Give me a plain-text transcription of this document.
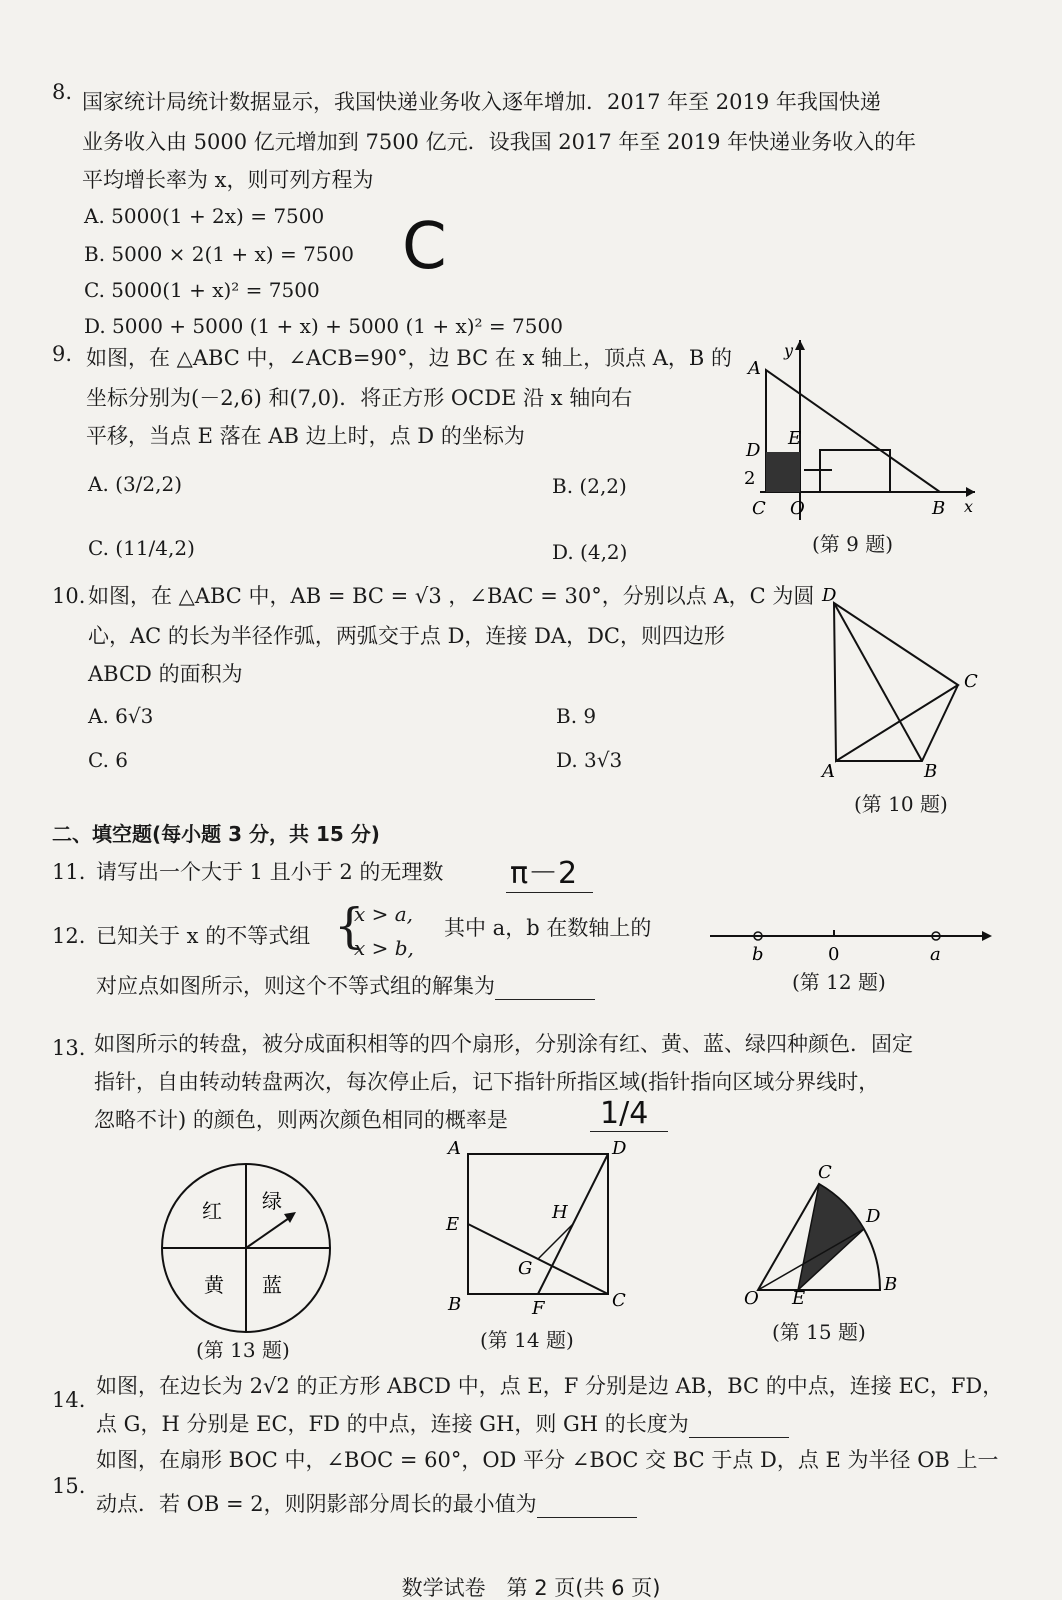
8. 国家统计局统计数据显示，我国快递业务收入逐年增加．2017 年至 2019 年我国快递
业务收入由 5000 亿元增加到 7500 亿元．设我国 2017 年至 2019 年快递业务收入的年
平均增长率为 x，则可列方程为
A. 5000(1 + 2x) = 7500
B. 5000 × 2(1 + x) = 7500
C. 5000(1 + x)² = 7500
D. 5000 + 5000 (1 + x) + 5000 (1 + x)² = 7500
C
9. 如图，在 △ABC 中，∠ACB=90°，边 BC 在 x 轴上，顶点 A，B 的
坐标分别为(－2,6) 和(7,0)．将正方形 OCDE 沿 x 轴向右
平移，当点 E 落在 AB 边上时，点 D 的坐标为
A. (3/2,2)	B. (2,2)
C. (11/4,2)	D. (4,2)
A
B
C
D
E
O	x
y
2
(第 9 题)
10. 如图，在 △ABC 中，AB = BC = √3 ，∠BAC = 30°，分别以点 A，C 为圆
心，AC 的长为半径作弧，两弧交于点 D，连接 DA，DC，则四边形
ABCD 的面积为
A. 6√3	B. 9
C. 6	D. 3√3
D
C
A	B
(第 10 题)
二、填空题(每小题 3 分，共 15 分)
11. 请写出一个大于 1 且小于 2 的无理数 π－2
12. 已知关于 x 的不等式组 {
x > a,
x > b,
其中 a，b 在数轴上的
对应点如图所示，则这个不等式组的解集为
b	0	a
(第 12 题)
13. 如图所示的转盘，被分成面积相等的四个扇形，分别涂有红、黄、蓝、绿四种颜色．固定
指针，自由转动转盘两次，每次停止后，记下指针所指区域(指针指向区域分界线时，
忽略不计) 的颜色，则两次颜色相同的概率是	1/4
红 绿
黄 蓝
(第 13 题)
A	D
E
B	F	C
G
H
(第 14 题)
O E
B
C
D
(第 15 题)
14.
如图，在边长为 2√2 的正方形 ABCD 中，点 E，F 分别是边 AB，BC 的中点，连接 EC，FD，
点 G，H 分别是 EC，FD 的中点，连接 GH，则 GH 的长度为
15.
如图，在扇形 BOC 中，∠BOC = 60°，OD 平分 ∠BOC 交 BC 于点 D，点 E 为半径 OB 上一
动点．若 OB = 2，则阴影部分周长的最小值为
数学试卷　第 2 页(共 6 页)
